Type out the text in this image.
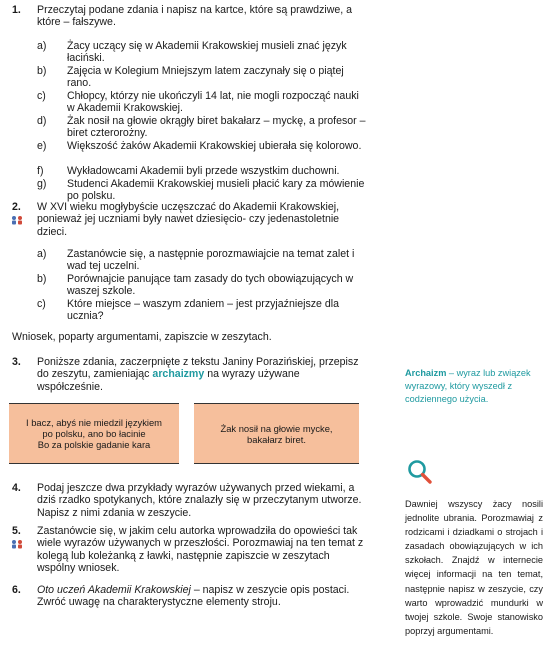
1. Przeczytaj podane zdania i napisz na kartce, które są prawdziwe, a które – fałszywe.
a)	Żacy uczący się w Akademii Krakowskiej musieli znać język łaciński.
b)	Zajęcia w Kolegium Mniejszym latem zaczynały się o piątej rano.
c)	Chłopcy, którzy nie ukończyli 14 lat, nie mogli rozpocząć nauki w Akademii Krakowskiej.
d)	Żak nosił na głowie okrągły biret bakałarz – myckę, a profesor – biret czterorożny.
e)	Większość żaków Akademii Krakowskiej ubierała się kolorowo.
f)	Wykładowcami Akademii byli przede wszystkim duchowni.
g)	Studenci Akademii Krakowskiej musieli płacić kary za mówienie po polsku.
2. W XVI wieku mogłybyście uczęszczać do Akademii Krakowskiej, ponieważ jej uczniami były nawet dziesięcio- czy jedenastoletnie dzieci.
a)	Zastanówcie się, a następnie porozmawiajcie na temat zalet i wad tej uczelni.
b)	Porównajcie panujące tam zasady do tych obowiązujących w waszej szkole.
c)	Które miejsce – waszym zdaniem – jest przyjaźniejsze dla ucznia?
Wniosek, poparty argumentami, zapiszcie w zeszytach.
3. Poniższe zdania, zaczerpnięte z tekstu Janiny Porazińskiej, przepisz do zeszytu, zamieniając archaizmy na wyrazy używane współcześnie.
I bacz, abyś nie miedzil językiem
po polsku, ano bo łacinie
Bo za polskie gadanie kara
Żak nosił na głowie mycke,
bakałarz biret.
4. Podaj jeszcze dwa przykłady wyrazów używanych przed wiekami, a dziś rzadko spotykanych, które znalazły się w przeczytanym utworze. Napisz z nimi zdania w zeszycie.
5. Zastanówcie się, w jakim celu autorka wprowadziła do opowieści tak wiele wyrazów używanych w przeszłości. Porozmawiaj na ten temat z kolegą lub koleżanką z ławki, następnie zapiszcie w zeszytach wspólny wniosek.
6. Oto uczeń Akademii Krakowskiej – napisz w zeszycie opis postaci. Zwróć uwagę na charakterystyczne elementy stroju.
Archaizm – wyraz lub związek wyrazowy, który wyszedł z codziennego użycia.
Dawniej wszyscy żacy nosili jednolite ubrania. Porozmawiaj z rodzicami i dziadkami o strojach i zasadach obowiązujących w ich szkołach. Znajdź w internecie więcej informacji na ten temat, następnie napisz w zeszycie, czy warto wprowadzić mundurki w twojej szkole. Swoje stanowisko poprzyj argumentami.
